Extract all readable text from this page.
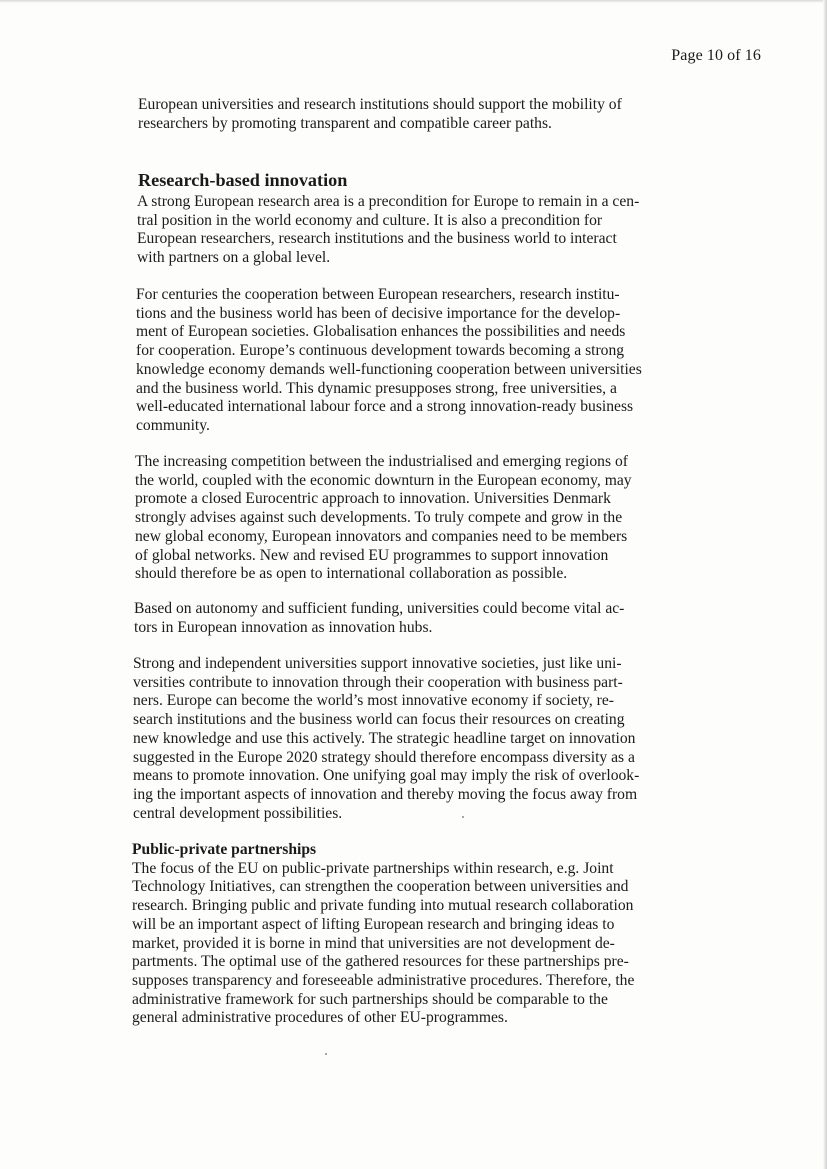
Page 10 of 16
European universities and research institutions should support the mobility of
researchers by promoting transparent and compatible career paths.
Research-based innovation
A strong European research area is a precondition for Europe to remain in a cen-
tral position in the world economy and culture. It is also a precondition for
European researchers, research institutions and the business world to interact
with partners on a global level.
For centuries the cooperation between European researchers, research institu-
tions and the business world has been of decisive importance for the develop-
ment of European societies. Globalisation enhances the possibilities and needs
for cooperation. Europe’s continuous development towards becoming a strong
knowledge economy demands well-functioning cooperation between universities
and the business world. This dynamic presupposes strong, free universities, a
well-educated international labour force and a strong innovation-ready business
community.
The increasing competition between the industrialised and emerging regions of
the world, coupled with the economic downturn in the European economy, may
promote a closed Eurocentric approach to innovation. Universities Denmark
strongly advises against such developments. To truly compete and grow in the
new global economy, European innovators and companies need to be members
of global networks. New and revised EU programmes to support innovation
should therefore be as open to international collaboration as possible.
Based on autonomy and sufficient funding, universities could become vital ac-
tors in European innovation as innovation hubs.
Strong and independent universities support innovative societies, just like uni-
versities contribute to innovation through their cooperation with business part-
ners. Europe can become the world’s most innovative economy if society, re-
search institutions and the business world can focus their resources on creating
new knowledge and use this actively. The strategic headline target on innovation
suggested in the Europe 2020 strategy should therefore encompass diversity as a
means to promote innovation. One unifying goal may imply the risk of overlook-
ing the important aspects of innovation and thereby moving the focus away from
central development possibilities.
Public-private partnerships
The focus of the EU on public-private partnerships within research, e.g. Joint
Technology Initiatives, can strengthen the cooperation between universities and
research. Bringing public and private funding into mutual research collaboration
will be an important aspect of lifting European research and bringing ideas to
market, provided it is borne in mind that universities are not development de-
partments. The optimal use of the gathered resources for these partnerships pre-
supposes transparency and foreseeable administrative procedures. Therefore, the
administrative framework for such partnerships should be comparable to the
general administrative procedures of other EU-programmes.
